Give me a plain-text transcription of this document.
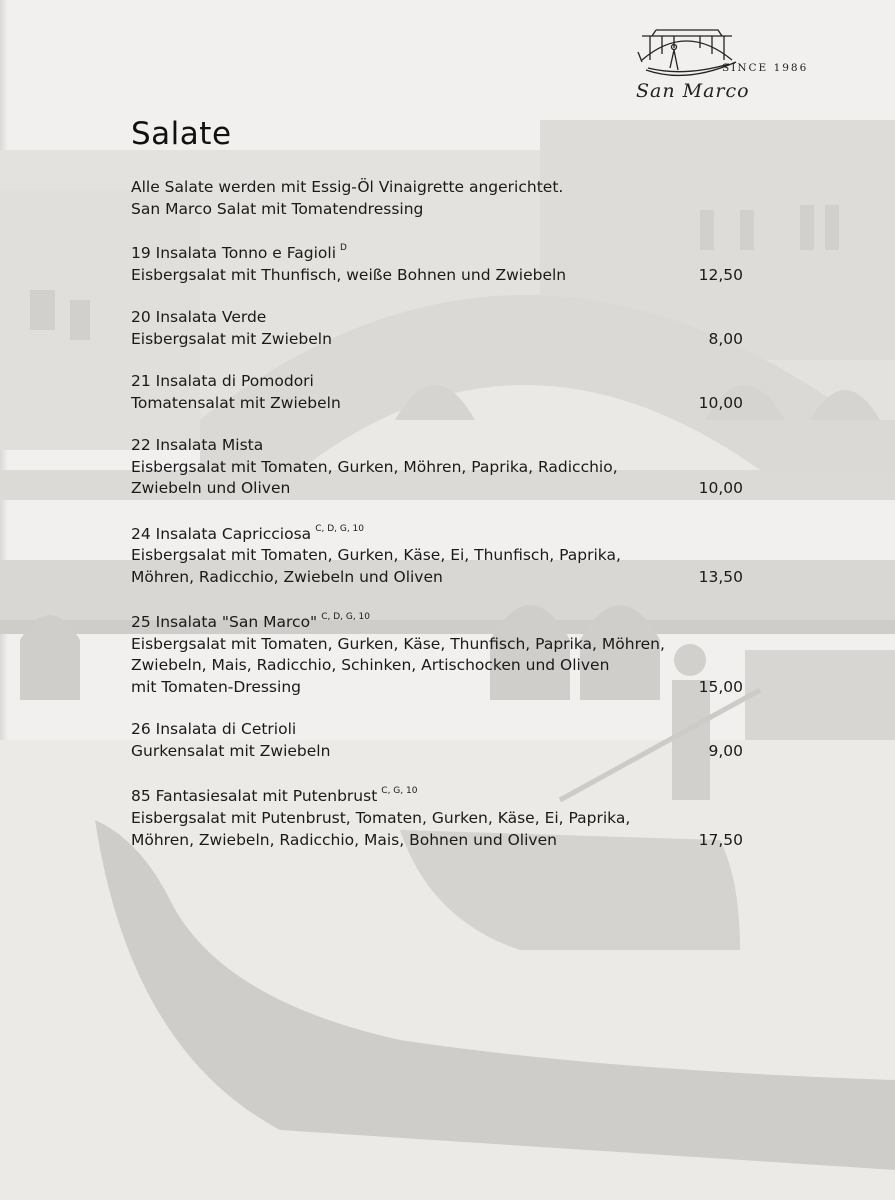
SINCE 1986
San Marco
Salate
Alle Salate werden mit Essig-Öl Vinaigrette angerichtet.
San Marco Salat mit Tomatendressing
19 Insalata Tonno e Fagioli $^D$
Eisbergsalat mit Thunfisch, weiße Bohnen und Zwiebeln	12,50
20 Insalata Verde
Eisbergsalat mit Zwiebeln	8,00
21 Insalata di Pomodori
Tomatensalat mit Zwiebeln	10,00
22 Insalata Mista
Eisbergsalat mit Tomaten, Gurken, Möhren, Paprika, Radicchio,
Zwiebeln und Oliven	10,00
24 Insalata Capricciosa $^{C, D, G, 10}$
Eisbergsalat mit Tomaten, Gurken, Käse, Ei, Thunfisch, Paprika,
Möhren, Radicchio, Zwiebeln und Oliven	13,50
25 Insalata "San Marco" $^{C, D, G, 10}$
Eisbergsalat mit Tomaten, Gurken, Käse, Thunfisch, Paprika, Möhren,
Zwiebeln, Mais, Radicchio, Schinken, Artischocken und Oliven
mit Tomaten-Dressing	15,00
26 Insalata di Cetrioli
Gurkensalat mit Zwiebeln	9,00
85 Fantasiesalat mit Putenbrust $^{C, G, 10}$
Eisbergsalat mit Putenbrust, Tomaten, Gurken, Käse, Ei, Paprika,
Möhren, Zwiebeln, Radicchio, Mais, Bohnen und Oliven	17,50
